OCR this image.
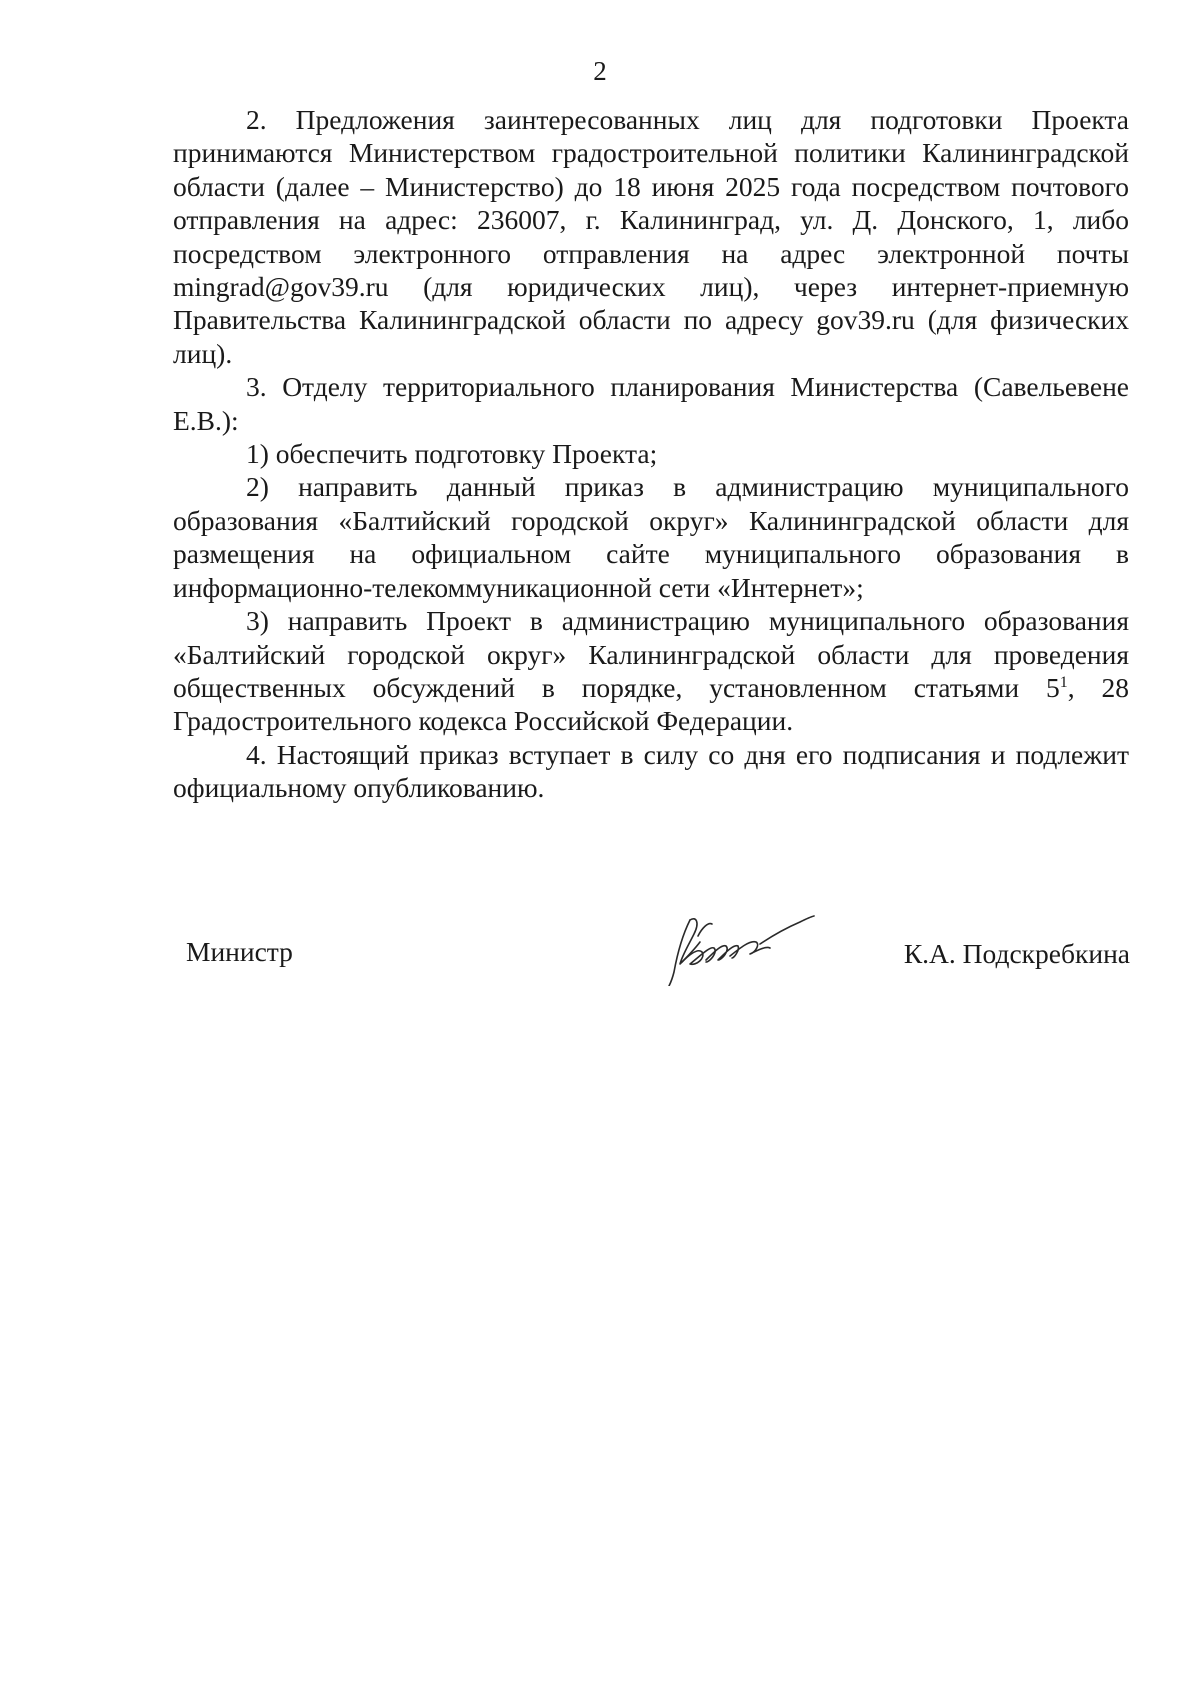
2

2. Предложения заинтересованных лиц для подготовки Проекта принимаются Министерством градостроительной политики Калининградской области (далее – Министерство) до 18 июня 2025 года посредством почтового отправления на адрес: 236007, г. Калининград, ул. Д. Донского, 1, либо посредством электронного отправления на адрес электронной почты mingrad@gov39.ru (для юридических лиц), через интернет-приемную Правительства Калининградской области по адресу gov39.ru (для физических лиц).

3. Отделу территориального планирования Министерства (Савельевене Е.В.):

1) обеспечить подготовку Проекта;

2) направить данный приказ в администрацию муниципального образования «Балтийский городской округ» Калининградской области для размещения на официальном сайте муниципального образования в информационно-телекоммуникационной сети «Интернет»;

3) направить Проект в администрацию муниципального образования «Балтийский городской округ» Калининградской области для проведения общественных обсуждений в порядке, установленном статьями $5^1$, 28 Градостроительного кодекса Российской Федерации.

4. Настоящий приказ вступает в силу со дня его подписания и подлежит официальному опубликованию.

Министр	К.А. Подскребкина
